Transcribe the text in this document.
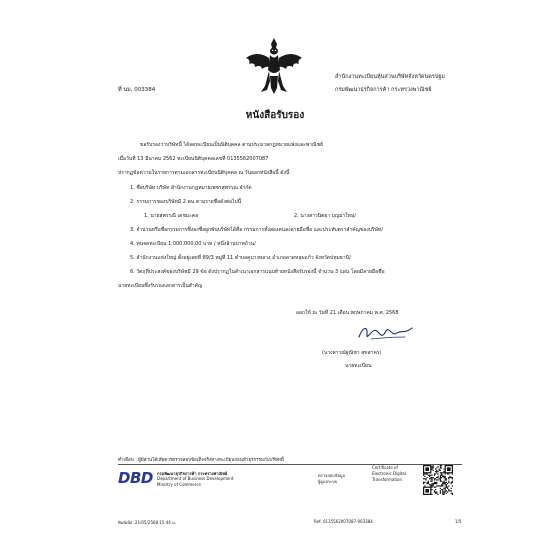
ที่ นม. 003384
สำนักงานทะเบียนหุ้นส่วนบริษัทจังหวัดนครปฐม
กรมพัฒนาธุรกิจการค้า กระทรวงพาณิชย์
หนังสือรับรอง
ขอรับรองว่าบริษัทนี้ ได้จดทะเบียนเป็นนิติบุคคล ตามประมวลกฎหมายแพ่งและพาณิชย์
เมื่อวันที่ 13 มีนาคม 2562 ทะเบียนนิติบุคคลเลขที่ 0135562007087
ปรากฏข้อความในรายการตามเอกสารทะเบียนนิติบุคคล ณ วันออกหนังสือนี้ ดังนี้
1. ชื่อบริษัท บริษัท สำนักงานกฎหมายเพชรสุพรรณ จำกัด
2. กรรมการของบริษัทมี 2 คน ตามรายชื่อดังต่อไปนี้
1. นายสุพรรณี เดชมะคล	2. นางสาวนิตยา บุญมาใหม่/
3. จำนวนหรือชื่อกรรมการซึ่งลงชื่อผูกพันบริษัทได้คือ กรรมการทั้งสองคนลงลายมือชื่อ และประทับตราสำคัญของบริษัท/
4. ทุนจดทะเบียน 1,000,000.00 บาท / หนึ่งล้านบาทถ้วน/
5. สำนักงานแห่งใหญ่ ตั้งอยู่เลขที่ 89/3 หมู่ที่ 11 ตำบลคูบางหลวง อำเภอลาดหลุมแก้ว จังหวัดปทุมธานี/
6. วัตถุที่ประสงค์ของบริษัทมี 29 ข้อ ดังปรากฏในสำเนาเอกสารแนบท้ายหนังสือรับรองนี้ จำนวน 3 แผ่น โดยมีลายมือชื่อ
นายทะเบียนซึ่งรับรองเอกสารเป็นสำคัญ
ออกให้ ณ วันที่ 21 เดือน พฤษภาคม พ.ศ. 2568
(นางสาวณัฐณิชา สุขสาคร)
นายทะเบียน
คำเตือน : ผู้มีส่วนได้เสียควรตรวจสอบข้อเท็จจริงทางทะเบียนก่อนทำธุรกรรมกับบริษัทนี้
DBD กรมพัฒนาธุรกิจการค้า กระทรวงพาณิชย์
Department of Business Development
Ministry of Commerce
ตรวจสอบข้อมูล
ผู้ดูแลระบบ
Certificate of
Electronic Digital
Transformation
พิมพ์เมื่อ: 21/05/2568 15:44 น.	Ref: 0135562007087-003384	1/5
